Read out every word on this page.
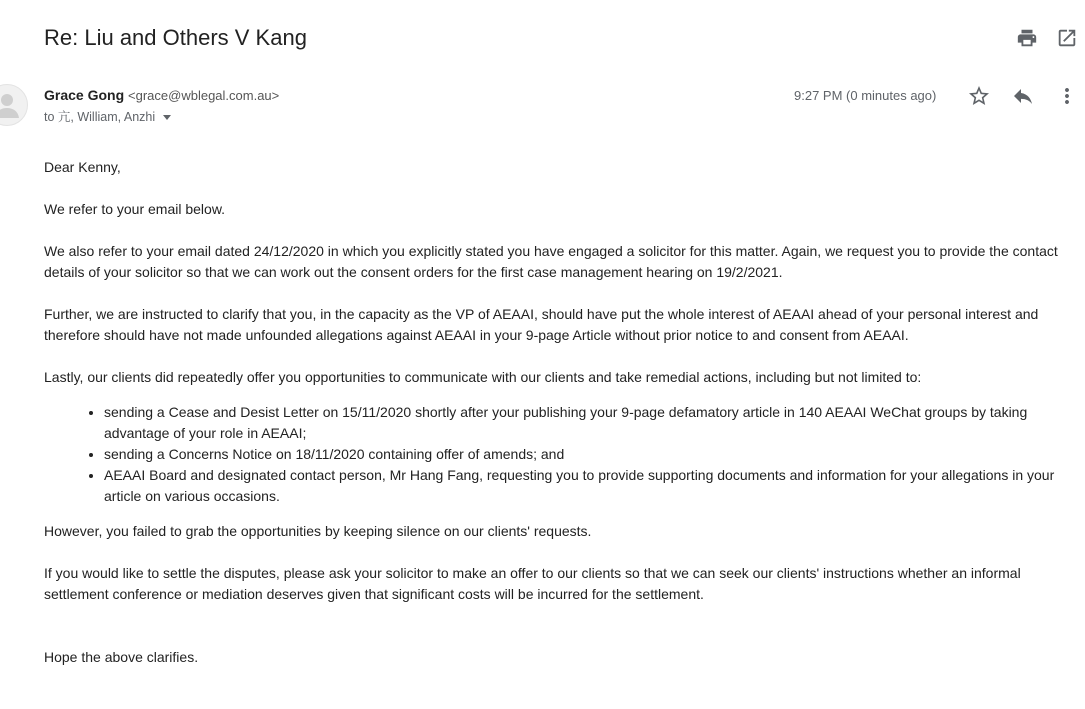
Re: Liu and Others V Kang
Grace Gong <grace@wblegal.com.au>
to 亢, William, Anzhi
9:27 PM (0 minutes ago)

Dear Kenny,

We refer to your email below.

We also refer to your email dated 24/12/2020 in which you explicitly stated you have engaged a solicitor for this matter. Again, we request you to provide the contact details of your solicitor so that we can work out the consent orders for the first case management hearing on 19/2/2021.

Further, we are instructed to clarify that you, in the capacity as the VP of AEAAI, should have put the whole interest of AEAAI ahead of your personal interest and therefore should have not made unfounded allegations against AEAAI in your 9-page Article without prior notice to and consent from AEAAI.

Lastly, our clients did repeatedly offer you opportunities to communicate with our clients and take remedial actions, including but not limited to:

• sending a Cease and Desist Letter on 15/11/2020 shortly after your publishing your 9-page defamatory article in 140 AEAAI WeChat groups by taking advantage of your role in AEAAI;
• sending a Concerns Notice on 18/11/2020 containing offer of amends; and
• AEAAI Board and designated contact person, Mr Hang Fang, requesting you to provide supporting documents and information for your allegations in your article on various occasions.

However, you failed to grab the opportunities by keeping silence on our clients' requests.

If you would like to settle the disputes, please ask your solicitor to make an offer to our clients so that we can seek our clients' instructions whether an informal settlement conference or mediation deserves given that significant costs will be incurred for the settlement.

Hope the above clarifies.
